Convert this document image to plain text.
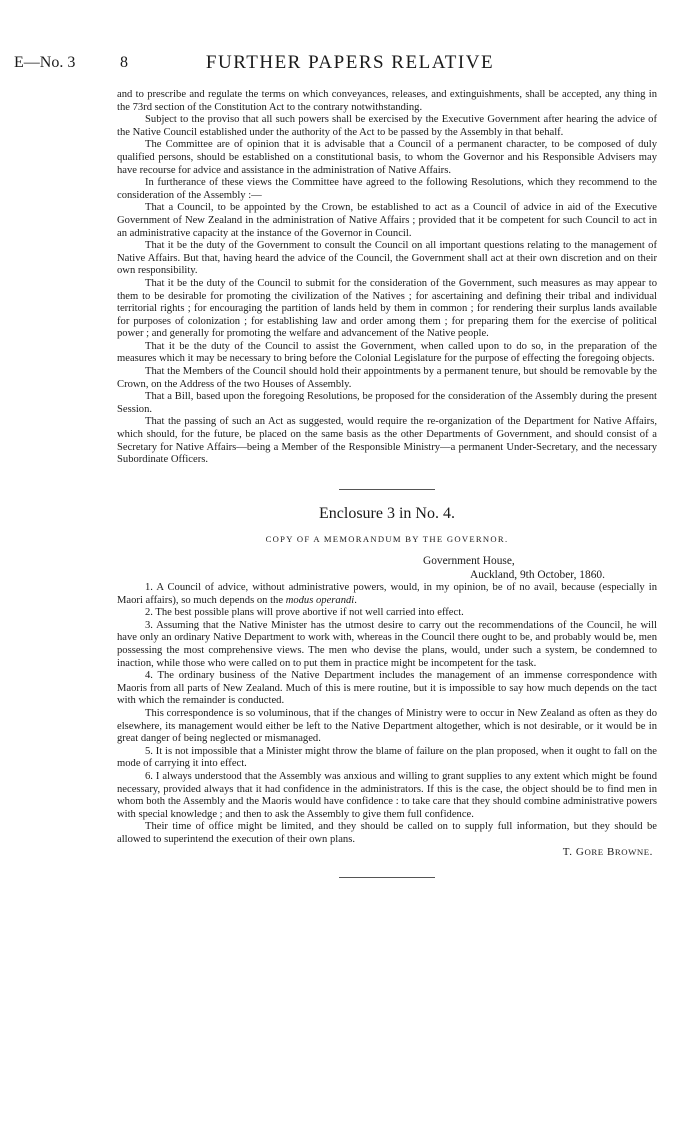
E—No. 3	8	FURTHER PAPERS RELATIVE

and to prescribe and regulate the terms on which conveyances, releases, and extinguishments, shall be accepted, any thing in the 73rd section of the Constitution Act to the contrary notwithstanding.

Subject to the proviso that all such powers shall be exercised by the Executive Government after hearing the advice of the Native Council established under the authority of the Act to be passed by the Assembly in that behalf.

The Committee are of opinion that it is advisable that a Council of a permanent character, to be composed of duly qualified persons, should be established on a constitutional basis, to whom the Governor and his Responsible Advisers may have recourse for advice and assistance in the administration of Native Affairs.

In furtherance of these views the Committee have agreed to the following Resolutions, which they recommend to the consideration of the Assembly :—

That a Council, to be appointed by the Crown, be established to act as a Council of advice in aid of the Executive Government of New Zealand in the administration of Native Affairs ; provided that it be competent for such Council to act in an administrative capacity at the instance of the Governor in Council.

That it be the duty of the Government to consult the Council on all important questions relating to the management of Native Affairs. But that, having heard the advice of the Council, the Government shall act at their own discretion and on their own responsibility.

That it be the duty of the Council to submit for the consideration of the Government, such measures as may appear to them to be desirable for promoting the civilization of the Natives ; for ascertaining and defining their tribal and individual territorial rights ; for encouraging the partition of lands held by them in common ; for rendering their surplus lands available for purposes of colonization ; for establishing law and order among them ; for preparing them for the exercise of political power ; and generally for promoting the welfare and advancement of the Native people.

That it be the duty of the Council to assist the Government, when called upon to do so, in the preparation of the measures which it may be necessary to bring before the Colonial Legislature for the purpose of effecting the foregoing objects.

That the Members of the Council should hold their appointments by a permanent tenure, but should be removable by the Crown, on the Address of the two Houses of Assembly.

That a Bill, based upon the foregoing Resolutions, be proposed for the consideration of the Assembly during the present Session.

That the passing of such an Act as suggested, would require the re-organization of the Department for Native Affairs, which should, for the future, be placed on the same basis as the other Departments of Government, and should consist of a Secretary for Native Affairs—being a Member of the Responsible Ministry—a permanent Under-Secretary, and the necessary Subordinate Officers.

Enclosure 3 in No. 4.
COPY OF A MEMORANDUM BY THE GOVERNOR.
Government House,
Auckland, 9th October, 1860.

1. A Council of advice, without administrative powers, would, in my opinion, be of no avail, because (especially in Maori affairs), so much depends on the modus operandi.

2. The best possible plans will prove abortive if not well carried into effect.

3. Assuming that the Native Minister has the utmost desire to carry out the recommendations of the Council, he will have only an ordinary Native Department to work with, whereas in the Council there ought to be, and probably would be, men possessing the most comprehensive views. The men who devise the plans, would, under such a system, be condemned to inaction, while those who were called on to put them in practice might be incompetent for the task.

4. The ordinary business of the Native Department includes the management of an immense correspondence with Maoris from all parts of New Zealand. Much of this is mere routine, but it is impossible to say how much depends on the tact with which the remainder is conducted.

This correspondence is so voluminous, that if the changes of Ministry were to occur in New Zealand as often as they do elsewhere, its management would either be left to the Native Department altogether, which is not desirable, or it would be in great danger of being neglected or mismanaged.

5. It is not impossible that a Minister might throw the blame of failure on the plan proposed, when it ought to fall on the mode of carrying it into effect.

6. I always understood that the Assembly was anxious and willing to grant supplies to any extent which might be found necessary, provided always that it had confidence in the administrators. If this is the case, the object should be to find men in whom both the Assembly and the Maoris would have confidence : to take care that they should combine administrative powers with special knowledge ; and then to ask the Assembly to give them full confidence.

Their time of office might be limited, and they should be called on to supply full information, but they should be allowed to superintend the execution of their own plans.

T. GORE BROWNE.
